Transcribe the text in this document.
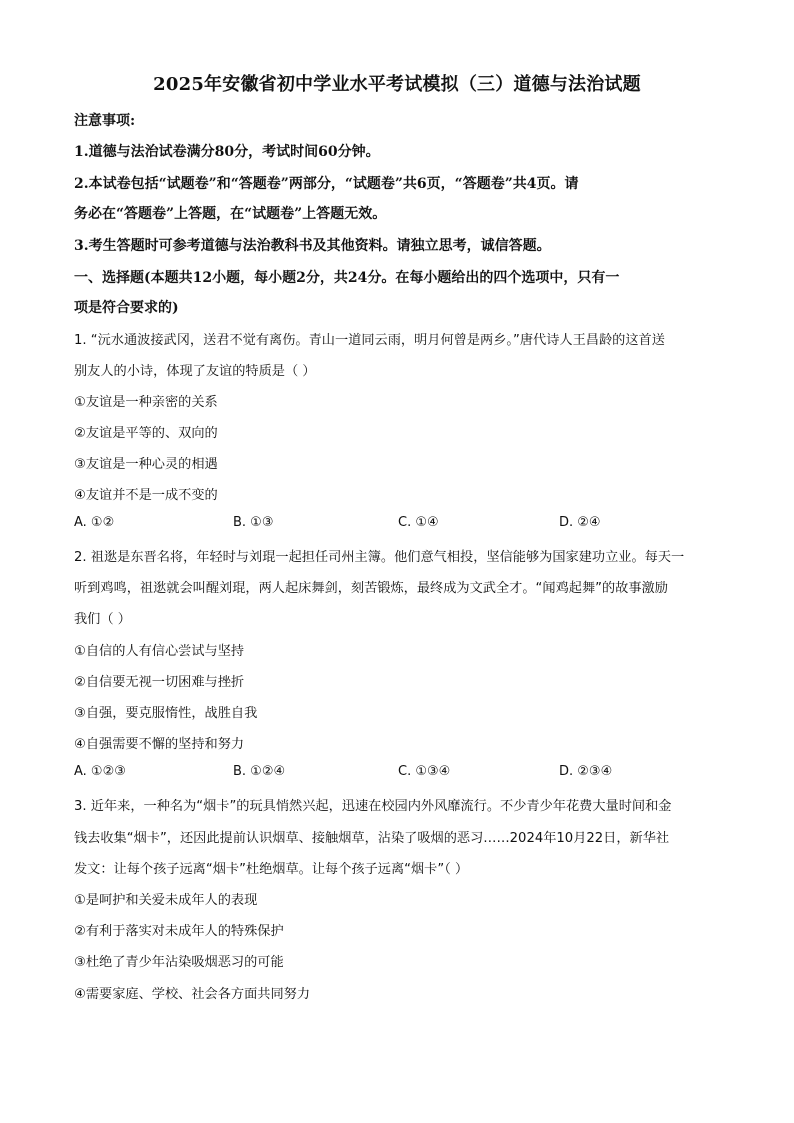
2025年安徽省初中学业水平考试模拟（三）道德与法治试题
注意事项:
1.道德与法治试卷满分80分，考试时间60分钟。
2.本试卷包括“试题卷”和“答题卷”两部分，“试题卷”共6页，“答题卷”共4页。请
务必在“答题卷”上答题，在“试题卷”上答题无效。
3.考生答题时可参考道德与法治教科书及其他资料。请独立思考，诚信答题。
一、选择题(本题共12小题，每小题2分，共24分。在每小题给出的四个选项中，只有一
项是符合要求的)
1. “沅水通波接武冈，送君不觉有离伤。青山一道同云雨，明月何曾是两乡。”唐代诗人王昌龄的这首送
别友人的小诗，体现了友谊的特质是（ ）
①友谊是一种亲密的关系
②友谊是平等的、双向的
③友谊是一种心灵的相遇
④友谊并不是一成不变的
A. ①②	B. ①③	C. ①④	D. ②④
2. 祖逖是东晋名将，年轻时与刘琨一起担任司州主簿。他们意气相投，坚信能够为国家建功立业。每天一
听到鸡鸣，祖逖就会叫醒刘琨，两人起床舞剑，刻苦锻炼，最终成为文武全才。“闻鸡起舞”的故事激励
我们（ ）
①自信的人有信心尝试与坚持
②自信要无视一切困难与挫折
③自强，要克服惰性，战胜自我
④自强需要不懈的坚持和努力
A. ①②③	B. ①②④	C. ①③④	D. ②③④
3. 近年来，一种名为“烟卡”的玩具悄然兴起，迅速在校园内外风靡流行。不少青少年花费大量时间和金
钱去收集“烟卡”，还因此提前认识烟草、接触烟草，沾染了吸烟的恶习……2024年10月22日，新华社
发文：让每个孩子远离“烟卡”杜绝烟草。让每个孩子远离“烟卡”（ ）
①是呵护和关爱未成年人的表现
②有利于落实对未成年人的特殊保护
③杜绝了青少年沾染吸烟恶习的可能
④需要家庭、学校、社会各方面共同努力
